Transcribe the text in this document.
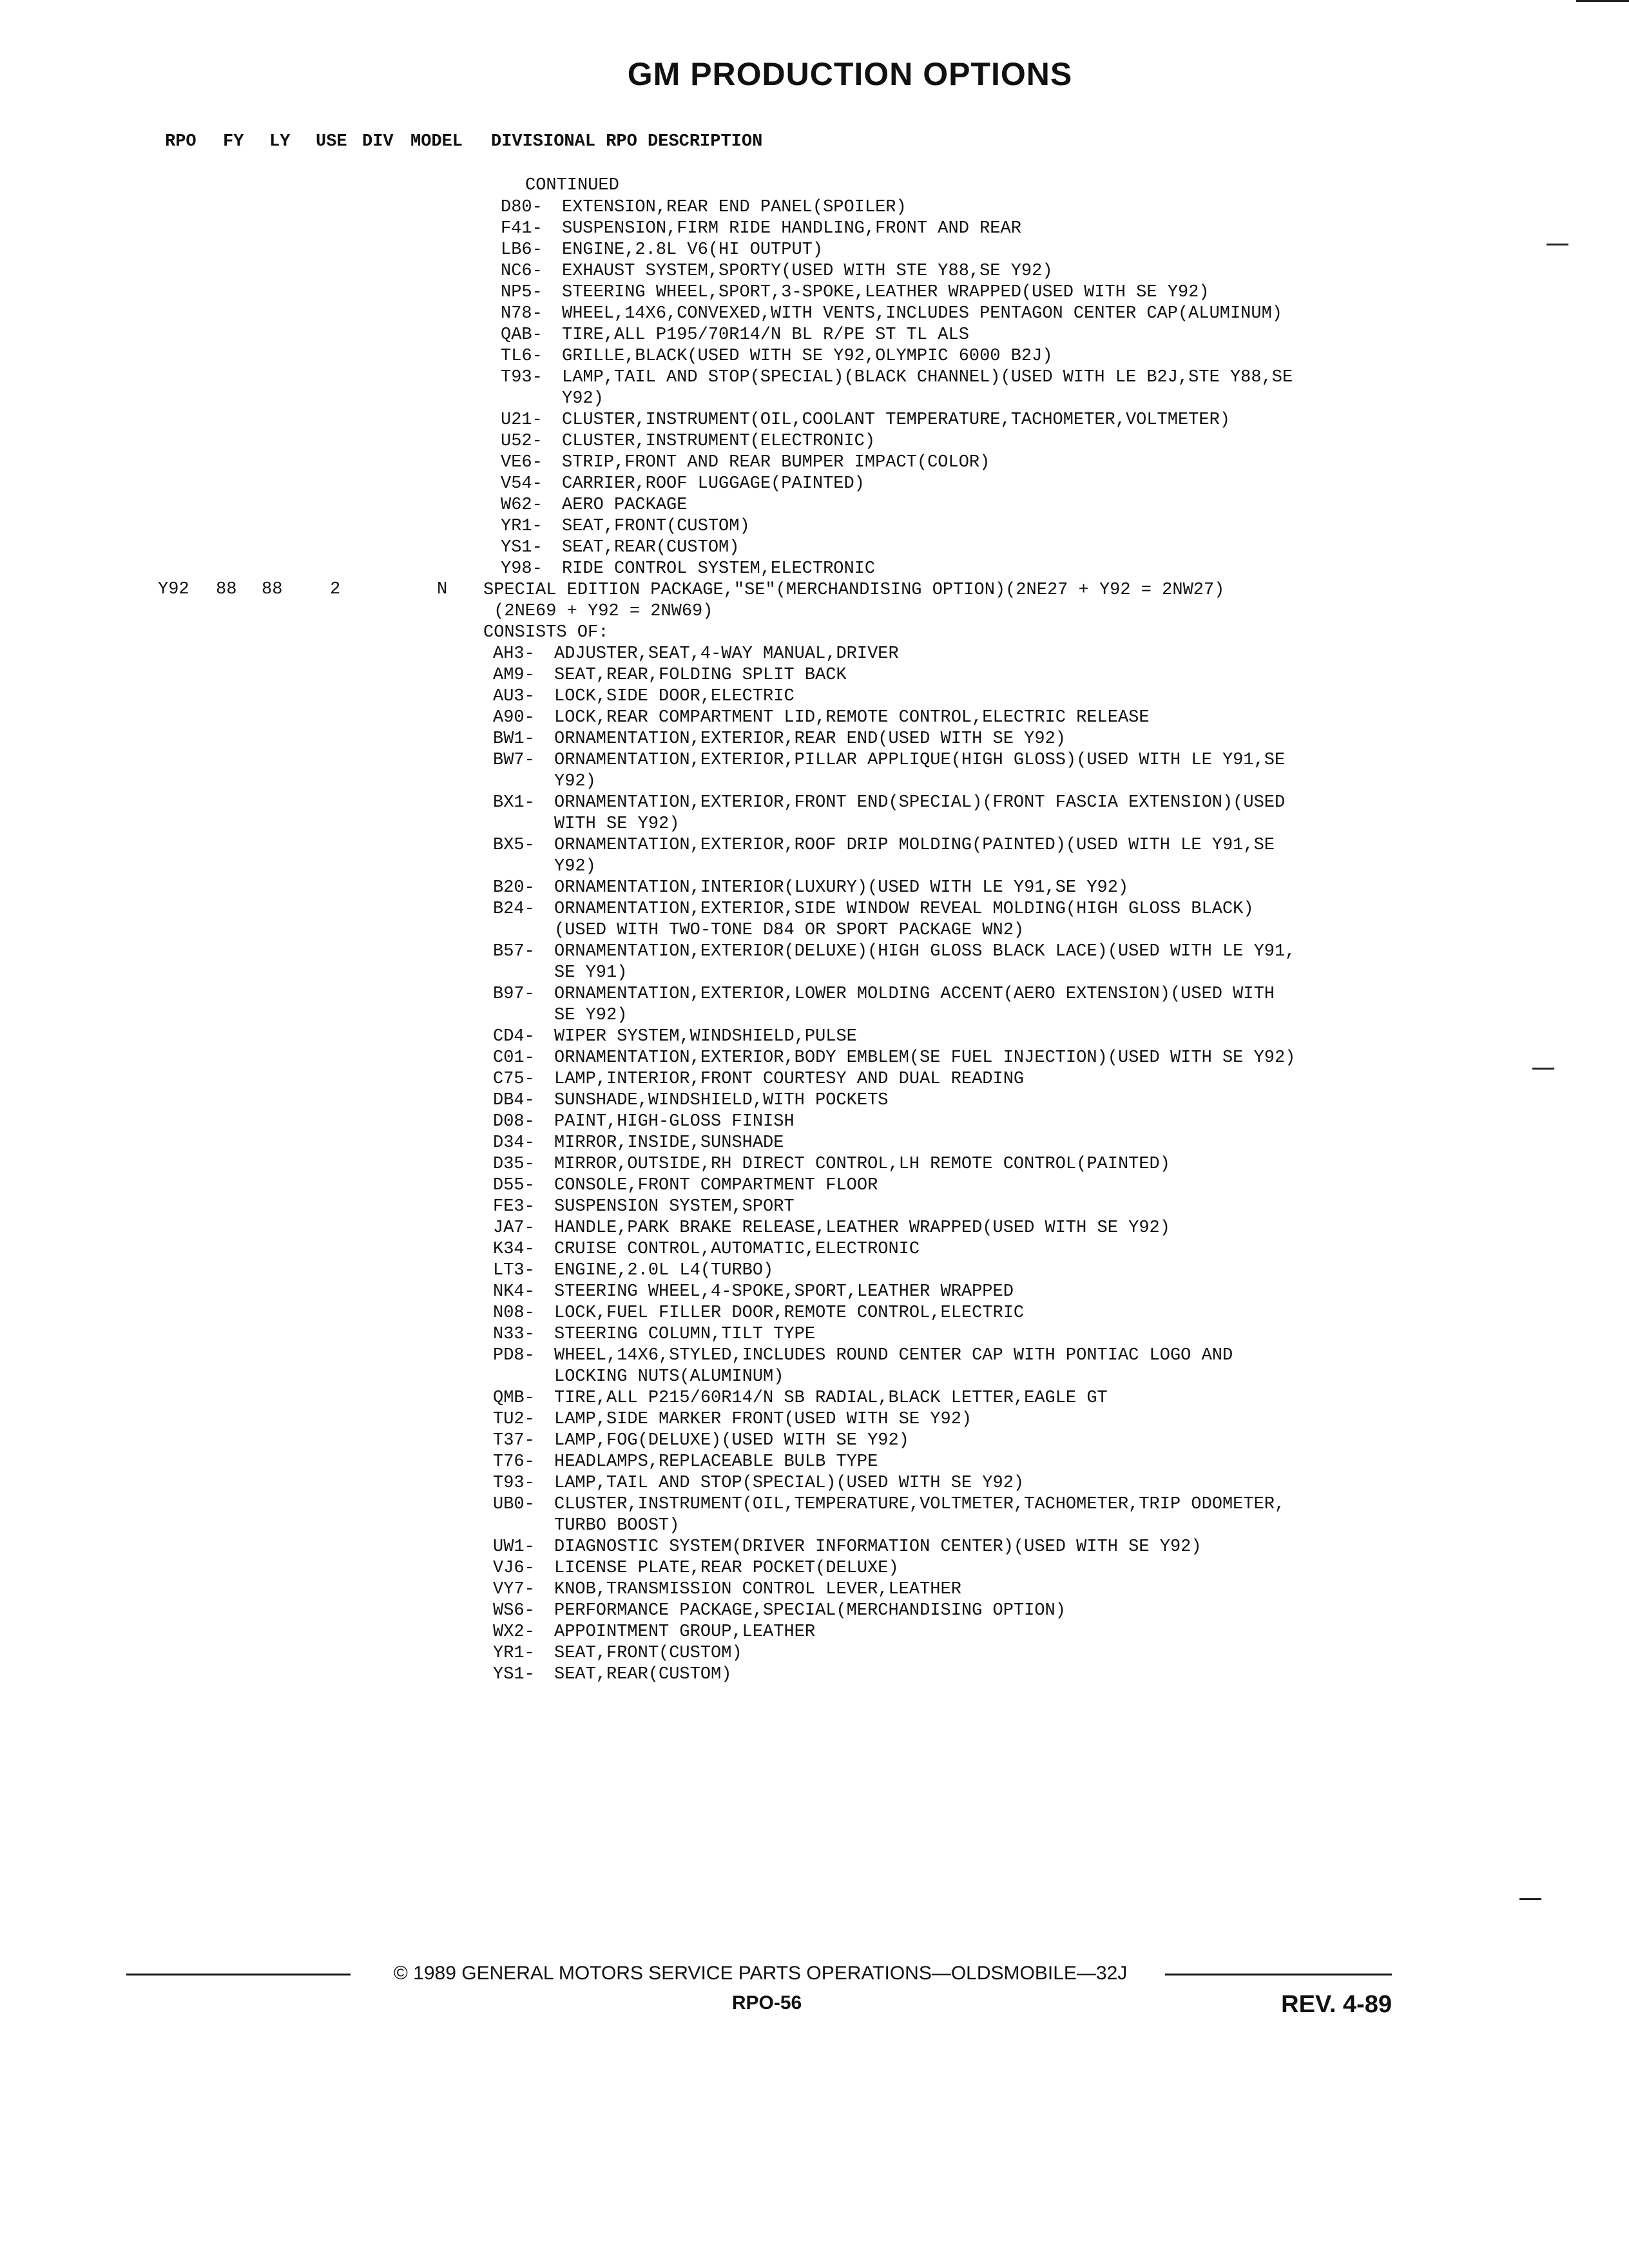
GM PRODUCTION OPTIONS
RPO FY LY USE DIV MODEL DIVISIONAL RPO DESCRIPTION
CONTINUED
D80-	EXTENSION,REAR END PANEL(SPOILER)
F41-	SUSPENSION,FIRM RIDE HANDLING,FRONT AND REAR
LB6-	ENGINE,2.8L V6(HI OUTPUT)
NC6-	EXHAUST SYSTEM,SPORTY(USED WITH STE Y88,SE Y92)
NP5-	STEERING WHEEL,SPORT,3-SPOKE,LEATHER WRAPPED(USED WITH SE Y92)
N78-	WHEEL,14X6,CONVEXED,WITH VENTS,INCLUDES PENTAGON CENTER CAP(ALUMINUM)
QAB-	TIRE,ALL P195/70R14/N BL R/PE ST TL ALS
TL6-	GRILLE,BLACK(USED WITH SE Y92,OLYMPIC 6000 B2J)
T93-	LAMP,TAIL AND STOP(SPECIAL)(BLACK CHANNEL)(USED WITH LE B2J,STE Y88,SE
Y92)
U21-	CLUSTER,INSTRUMENT(OIL,COOLANT TEMPERATURE,TACHOMETER,VOLTMETER)
U52-	CLUSTER,INSTRUMENT(ELECTRONIC)
VE6-	STRIP,FRONT AND REAR BUMPER IMPACT(COLOR)
V54-	CARRIER,ROOF LUGGAGE(PAINTED)
W62-	AERO PACKAGE
YR1-	SEAT,FRONT(CUSTOM)
YS1-	SEAT,REAR(CUSTOM)
Y98-	RIDE CONTROL SYSTEM,ELECTRONIC
Y92 88 88	2	N SPECIAL EDITION PACKAGE,"SE"(MERCHANDISING OPTION)(2NE27 + Y92 = 2NW27)
(2NE69 + Y92 = 2NW69)
CONSISTS OF:
AH3-	ADJUSTER,SEAT,4-WAY MANUAL,DRIVER
AM9-	SEAT,REAR,FOLDING SPLIT BACK
AU3-	LOCK,SIDE DOOR,ELECTRIC
A90-	LOCK,REAR COMPARTMENT LID,REMOTE CONTROL,ELECTRIC RELEASE
BW1-	ORNAMENTATION,EXTERIOR,REAR END(USED WITH SE Y92)
BW7-	ORNAMENTATION,EXTERIOR,PILLAR APPLIQUE(HIGH GLOSS)(USED WITH LE Y91,SE
Y92)
BX1-	ORNAMENTATION,EXTERIOR,FRONT END(SPECIAL)(FRONT FASCIA EXTENSION)(USED
WITH SE Y92)
BX5-	ORNAMENTATION,EXTERIOR,ROOF DRIP MOLDING(PAINTED)(USED WITH LE Y91,SE
Y92)
B20-	ORNAMENTATION,INTERIOR(LUXURY)(USED WITH LE Y91,SE Y92)
B24-	ORNAMENTATION,EXTERIOR,SIDE WINDOW REVEAL MOLDING(HIGH GLOSS BLACK)
(USED WITH TWO-TONE D84 OR SPORT PACKAGE WN2)
B57-	ORNAMENTATION,EXTERIOR(DELUXE)(HIGH GLOSS BLACK LACE)(USED WITH LE Y91,
SE Y91)
B97-	ORNAMENTATION,EXTERIOR,LOWER MOLDING ACCENT(AERO EXTENSION)(USED WITH
SE Y92)
CD4-	WIPER SYSTEM,WINDSHIELD,PULSE
C01-	ORNAMENTATION,EXTERIOR,BODY EMBLEM(SE FUEL INJECTION)(USED WITH SE Y92)
C75-	LAMP,INTERIOR,FRONT COURTESY AND DUAL READING
DB4-	SUNSHADE,WINDSHIELD,WITH POCKETS
D08-	PAINT,HIGH-GLOSS FINISH
D34-	MIRROR,INSIDE,SUNSHADE
D35-	MIRROR,OUTSIDE,RH DIRECT CONTROL,LH REMOTE CONTROL(PAINTED)
D55-	CONSOLE,FRONT COMPARTMENT FLOOR
FE3-	SUSPENSION SYSTEM,SPORT
JA7-	HANDLE,PARK BRAKE RELEASE,LEATHER WRAPPED(USED WITH SE Y92)
K34-	CRUISE CONTROL,AUTOMATIC,ELECTRONIC
LT3-	ENGINE,2.0L L4(TURBO)
NK4-	STEERING WHEEL,4-SPOKE,SPORT,LEATHER WRAPPED
N08-	LOCK,FUEL FILLER DOOR,REMOTE CONTROL,ELECTRIC
N33-	STEERING COLUMN,TILT TYPE
PD8-	WHEEL,14X6,STYLED,INCLUDES ROUND CENTER CAP WITH PONTIAC LOGO AND
LOCKING NUTS(ALUMINUM)
QMB-	TIRE,ALL P215/60R14/N SB RADIAL,BLACK LETTER,EAGLE GT
TU2-	LAMP,SIDE MARKER FRONT(USED WITH SE Y92)
T37-	LAMP,FOG(DELUXE)(USED WITH SE Y92)
T76-	HEADLAMPS,REPLACEABLE BULB TYPE
T93-	LAMP,TAIL AND STOP(SPECIAL)(USED WITH SE Y92)
UB0-	CLUSTER,INSTRUMENT(OIL,TEMPERATURE,VOLTMETER,TACHOMETER,TRIP ODOMETER,
TURBO BOOST)
UW1-	DIAGNOSTIC SYSTEM(DRIVER INFORMATION CENTER)(USED WITH SE Y92)
VJ6-	LICENSE PLATE,REAR POCKET(DELUXE)
VY7-	KNOB,TRANSMISSION CONTROL LEVER,LEATHER
WS6-	PERFORMANCE PACKAGE,SPECIAL(MERCHANDISING OPTION)
WX2-	APPOINTMENT GROUP,LEATHER
YR1-	SEAT,FRONT(CUSTOM)
YS1-	SEAT,REAR(CUSTOM)
© 1989 GENERAL MOTORS SERVICE PARTS OPERATIONS—OLDSMOBILE—32J
RPO-56	REV. 4-89
